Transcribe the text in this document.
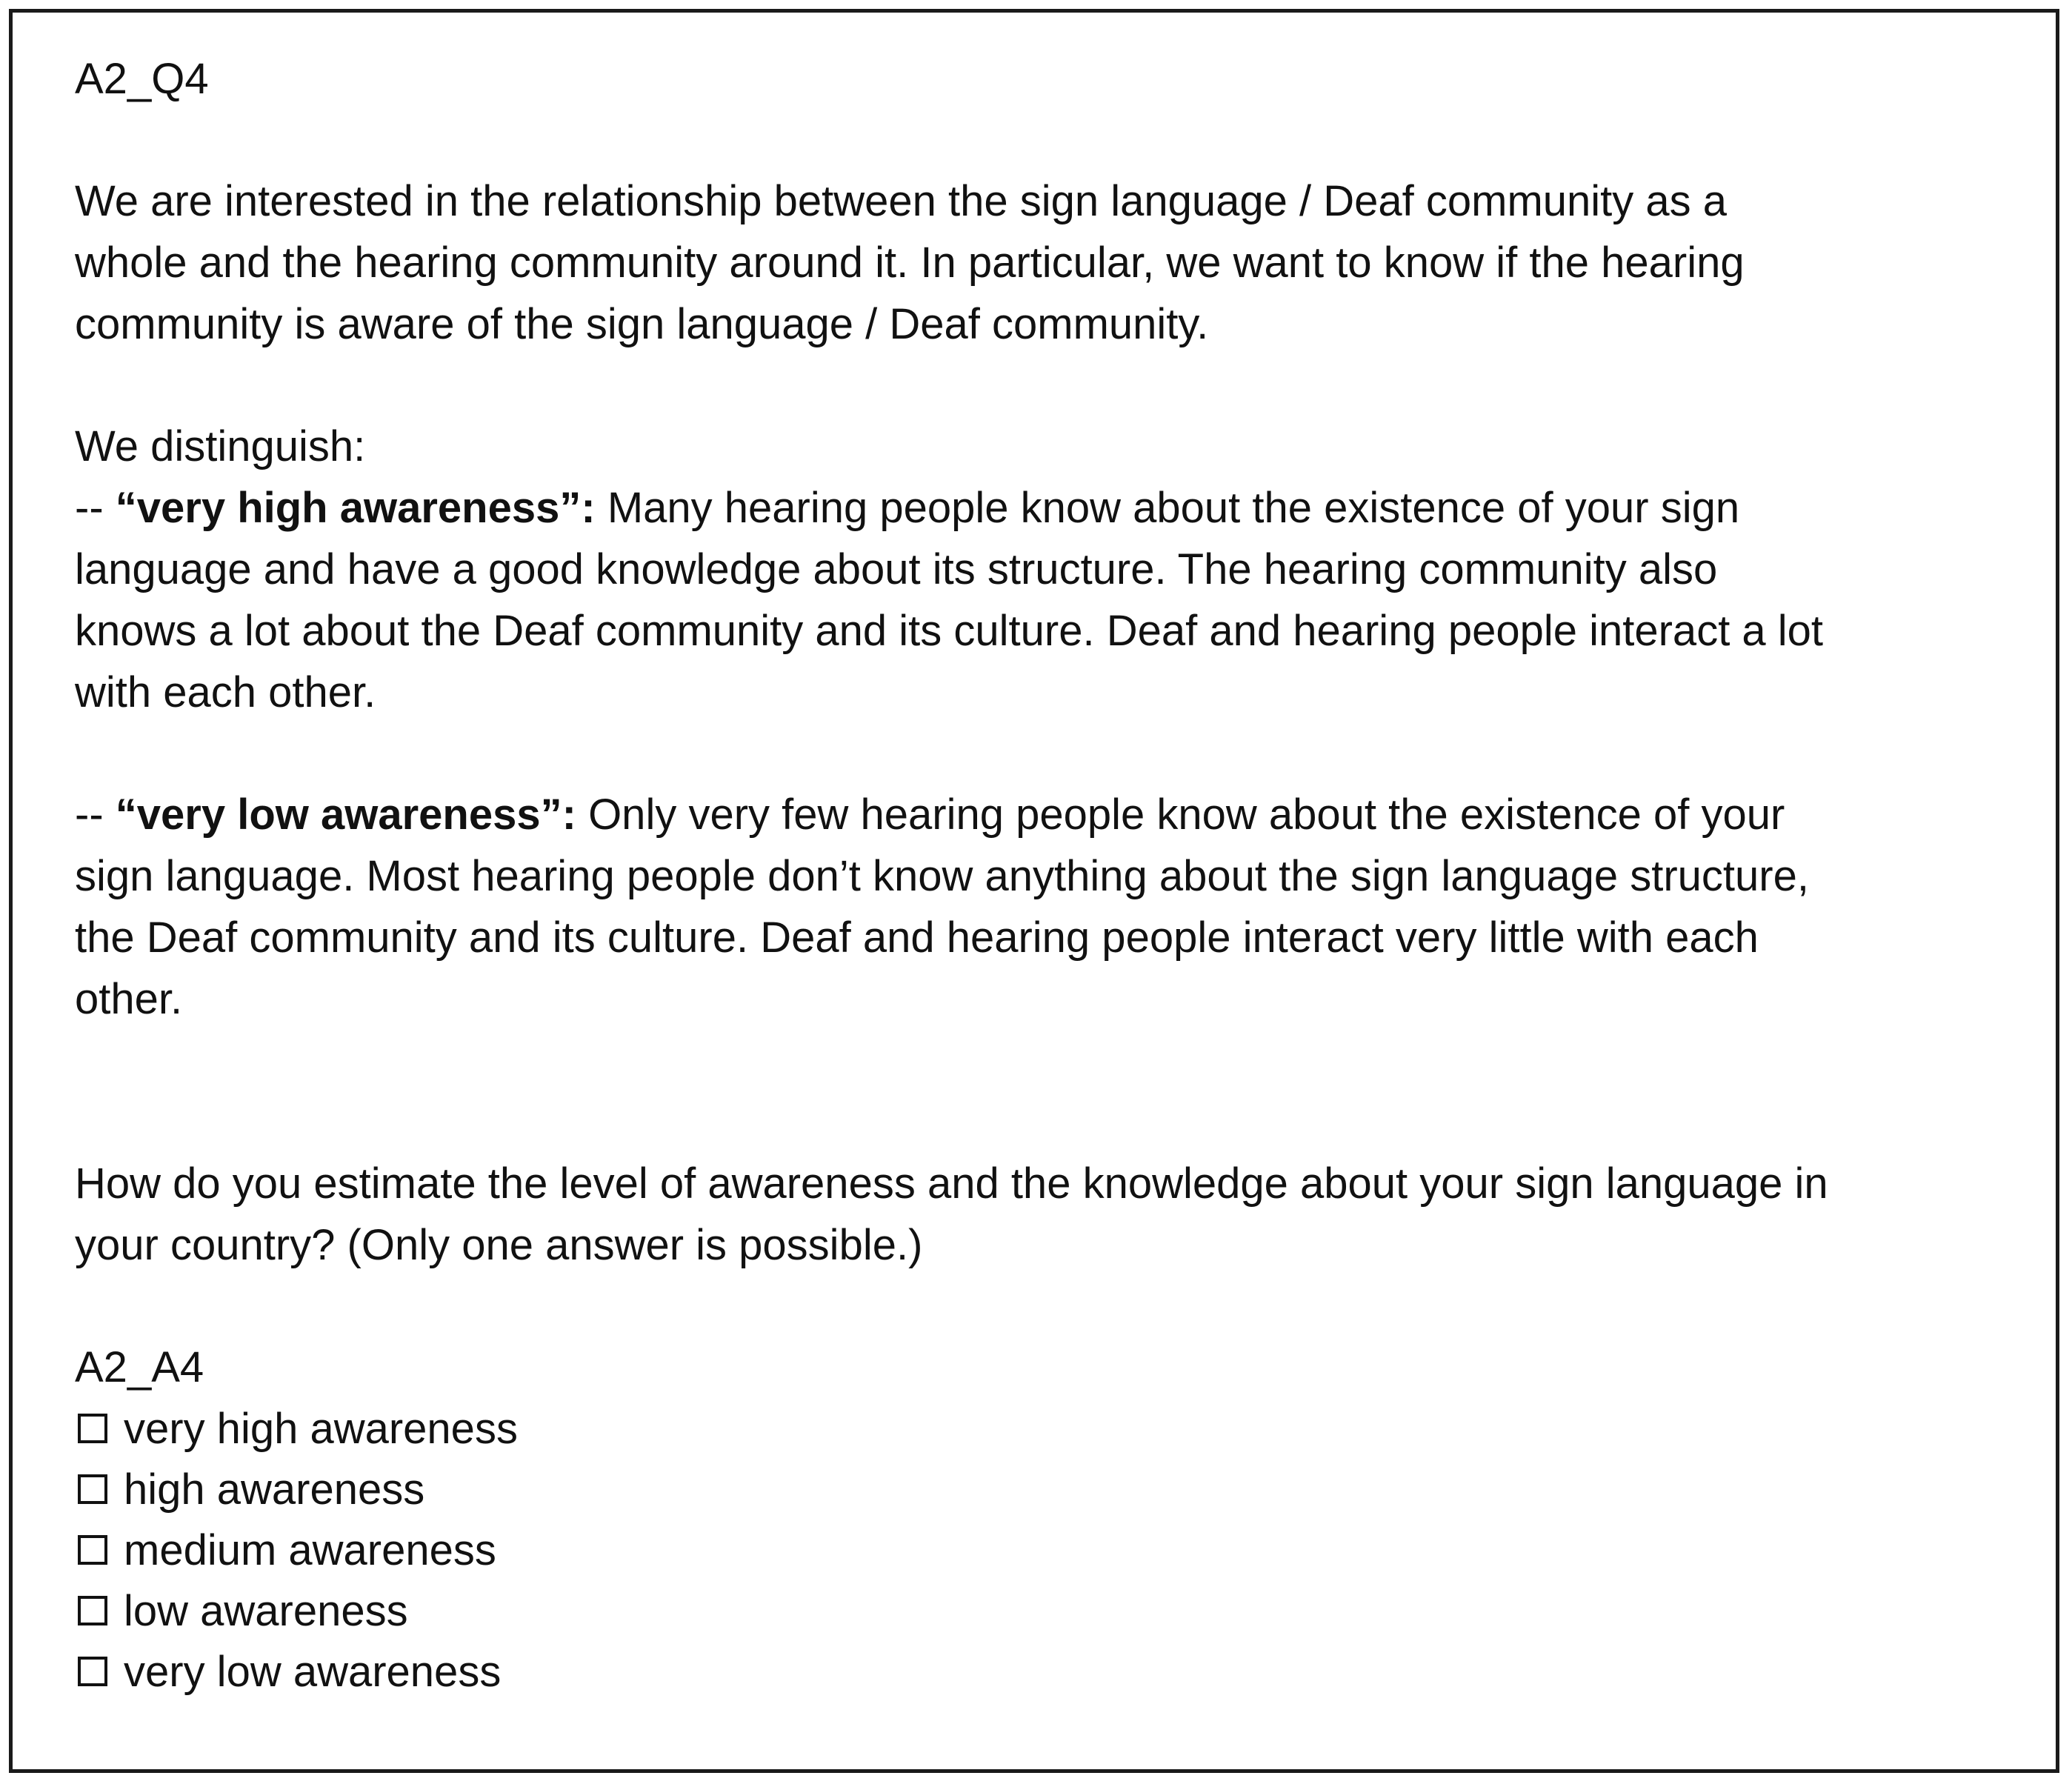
A2_Q4
We are interested in the relationship between the sign language / Deaf community as a
whole and the hearing community around it. In particular, we want to know if the hearing
community is aware of the sign language / Deaf community.
We distinguish:
-- “very high awareness”: Many hearing people know about the existence of your sign
language and have a good knowledge about its structure. The hearing community also
knows a lot about the Deaf community and its culture. Deaf and hearing people interact a lot
with each other.
-- “very low awareness”: Only very few hearing people know about the existence of your
sign language. Most hearing people don’t know anything about the sign language structure,
the Deaf community and its culture. Deaf and hearing people interact very little with each
other.
How do you estimate the level of awareness and the knowledge about your sign language in
your country? (Only one answer is possible.)
A2_A4
very high awareness
high awareness
medium awareness
low awareness
very low awareness
